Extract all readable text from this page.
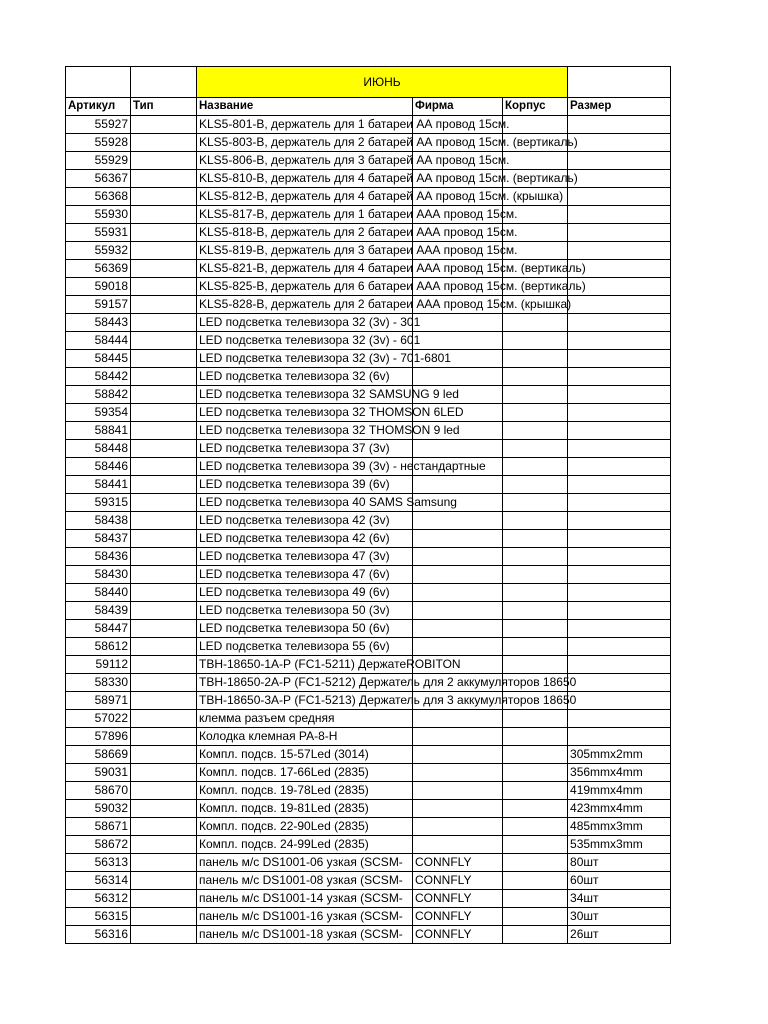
		ИЮНЬ			
Артикул	Тип	Название	Фирма	Корпус	Размер
55927		KLS5-801-B, держатель для 1 батареи АА провод 15см.			
55928		KLS5-803-B, держатель для 2 батарей АА провод 15см. (вертикаль)			
55929		KLS5-806-B, держатель для 3 батарей АА провод 15см.			
56367		KLS5-810-B, держатель для 4 батарей АА провод 15см. (вертикаль)			
56368		KLS5-812-B, держатель для 4 батарей АА провод 15см. (крышка)			
55930		KLS5-817-B, держатель для 1 батареи ААА провод 15см.			
55931		KLS5-818-B, держатель для 2 батареи ААА провод 15см.			
55932		KLS5-819-B, держатель для 3 батареи ААА провод 15см.			
56369		KLS5-821-B, держатель для 4 батареи ААА провод 15см. (вертикаль)			
59018		KLS5-825-B, держатель для 6 батареи ААА провод 15см. (вертикаль)			
59157		KLS5-828-B, держатель для 2 батареи ААА провод 15см. (крышка)			
58443		LED подсветка телевизора 32 (3v) - 301			
58444		LED подсветка телевизора 32 (3v) - 601			
58445		LED подсветка телевизора 32 (3v) - 701-6801			
58442		LED подсветка телевизора 32 (6v)			
58842		LED подсветка телевизора 32 SAMSUNG 9 led			
59354		LED подсветка телевизора 32 THOMSON 6LED			
58841		LED подсветка телевизора 32 THOMSON 9 led			
58448		LED подсветка телевизора 37 (3v)			
58446		LED подсветка телевизора 39 (3v) - нестандартные			
58441		LED подсветка телевизора 39 (6v)			
59315		LED подсветка телевизора 40 SAMS Samsung			
58438		LED подсветка телевизора 42 (3v)			
58437		LED подсветка телевизора 42 (6v)			
58436		LED подсветка телевизора 47 (3v)			
58430		LED подсветка телевизора 47 (6v)			
58440		LED подсветка телевизора 49 (6v)			
58439		LED подсветка телевизора 50 (3v)			
58447		LED подсветка телевизора 50 (6v)			
58612		LED подсветка телевизора 55 (6v)			
59112		ТВН-18650-1А-Р (FC1-5211) ДержатеROBITON			
58330		ТВН-18650-2А-Р (FC1-5212) Держатель для 2 аккумуляторов 18650			
58971		ТВН-18650-3А-Р (FC1-5213) Держатель для 3 аккумуляторов 18650			
57022		клемма разъем средняя			
57896		Колодка клемная РА-8-Н			
58669		Компл. подсв. 15-57Led (3014)			305mmx2mm
59031		Компл. подсв. 17-66Led (2835)			356mmx4mm
58670		Компл. подсв. 19-78Led (2835)			419mmx4mm
59032		Компл. подсв. 19-81Led (2835)			423mmx4mm
58671		Компл. подсв. 22-90Led (2835)			485mmx3mm
58672		Компл. подсв. 24-99Led (2835)			535mmx3mm
56313		панель м/с DS1001-06 узкая (SCSM-	CONNFLY		80шт
56314		панель м/с DS1001-08 узкая (SCSM-	CONNFLY		60шт
56312		панель м/с DS1001-14 узкая (SCSM-	CONNFLY		34шт
56315		панель м/с DS1001-16 узкая (SCSM-	CONNFLY		30шт
56316		панель м/с DS1001-18 узкая (SCSM-	CONNFLY		26шт
